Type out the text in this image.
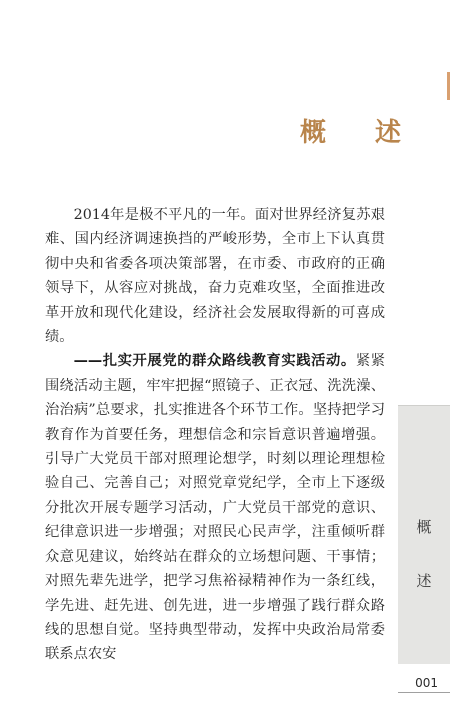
概 述

2014年是极不平凡的一年。面对世界经济复苏艰难、国内经济调速换挡的严峻形势，全市上下认真贯彻中央和省委各项决策部署，在市委、市政府的正确领导下，从容应对挑战，奋力克难攻坚，全面推进改革开放和现代化建设，经济社会发展取得新的可喜成绩。

——扎实开展党的群众路线教育实践活动。紧紧围绕活动主题，牢牢把握“照镜子、正衣冠、洗洗澡、治治病”总要求，扎实推进各个环节工作。坚持把学习教育作为首要任务，理想信念和宗旨意识普遍增强。引导广大党员干部对照理论想学，时刻以理论理想检验自己、完善自己；对照党章党纪学，全市上下逐级分批次开展专题学习活动，广大党员干部党的意识、纪律意识进一步增强；对照民心民声学，注重倾听群众意见建议，始终站在群众的立场想问题、干事情；对照先辈先进学，把学习焦裕禄精神作为一条红线，学先进、赶先进、创先进，进一步增强了践行群众路线的思想自觉。坚持典型带动，发挥中央政治局常委联系点农安

概
述
001
